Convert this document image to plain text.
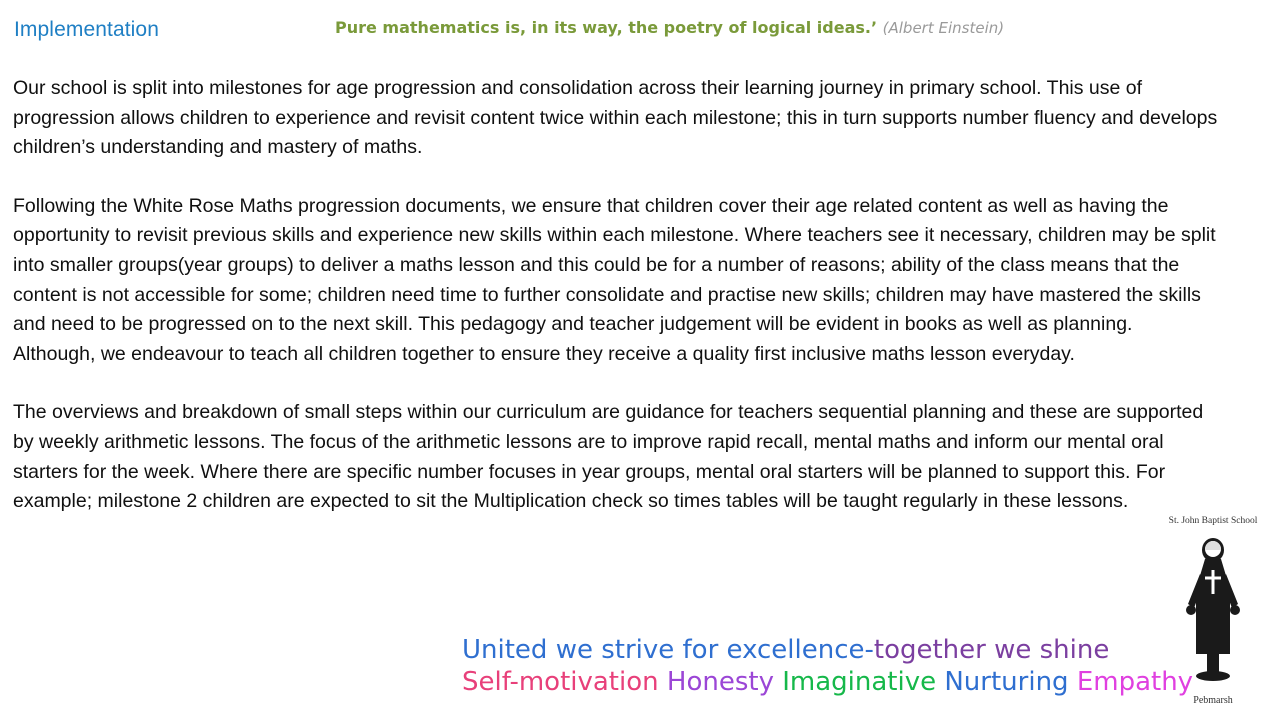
Implementation	Pure mathematics is, in its way, the poetry of logical ideas.’ (Albert Einstein)

Our school is split into milestones for age progression and consolidation across their learning journey in primary school. This use of progression allows children to experience and revisit content twice within each milestone; this in turn supports number fluency and develops children’s understanding and mastery of maths.

Following the White Rose Maths progression documents, we ensure that children cover their age related content as well as having the opportunity to revisit previous skills and experience new skills within each milestone. Where teachers see it necessary, children may be split into smaller groups(year groups) to deliver a maths lesson and this could be for a number of reasons; ability of the class means that the content is not accessible for some; children need time to further consolidate and practise new skills; children may have mastered the skills and need to be progressed on to the next skill. This pedagogy and teacher judgement will be evident in books as well as planning. Although, we endeavour to teach all children together to ensure they receive a quality first inclusive maths lesson everyday.

The overviews and breakdown of small steps within our curriculum are guidance for teachers sequential planning and these are supported by weekly arithmetic lessons. The focus of the arithmetic lessons are to improve rapid recall, mental maths and inform our mental oral starters for the week. Where there are specific number focuses in year groups, mental oral starters will be planned to support this. For example; milestone 2 children are expected to sit the Multiplication check so times tables will be taught regularly in these lessons.

United we strive for excellence-together we shine
Self-motivation Honesty Imaginative Nurturing Empathy
St. John Baptist School
Pebmarsh
